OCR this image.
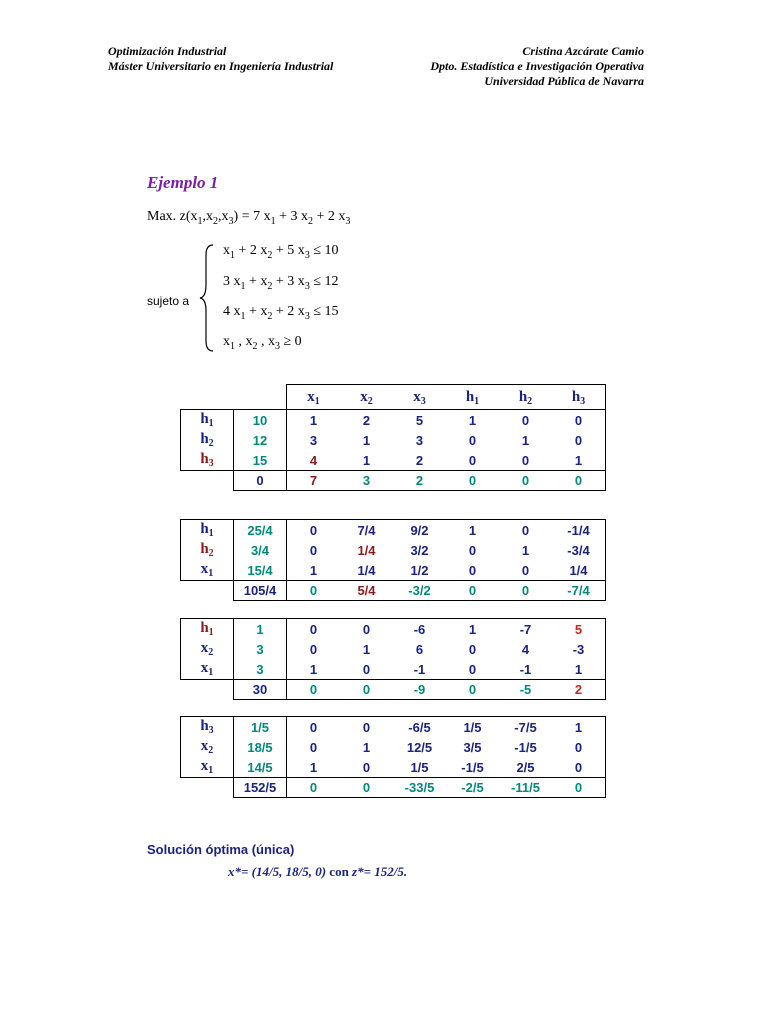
Optimización Industrial
Máster Universitario en Ingeniería Industrial
Cristina Azcárate Camio
Dpto. Estadística e Investigación Operativa
Universidad Pública de Navarra
Ejemplo 1
Max. $z(x_1,x_2,x_3) = 7$ $x_1 + 3$ $x_2 + 2$ $x_3$
sujeto a
$x_1 + 2$ $x_2 + 5$ $x_3 \le 10$
3 $x_1 + x_2 + 3$ $x_3 \le 12$
4 $x_1 + x_2 + 2$ $x_3 \le 15$
$x_1$ , $x_2$ , $x_3 \ge 0$
		$x_1$	$x_2$	$x_3$	$h_1$	$h_2$	$h_3$
$h_1$	10	1	2	5	1	0	0
$h_2$	12	3	1	3	0	1	0
$h_3$	15	4	1	2	0	0	1
	0	7	3	2	0	0	0
$h_1$	25/4	0	7/4	9/2	1	0	-1/4
$h_2$	3/4	0	1/4	3/2	0	1	-3/4
$x_1$	15/4	1	1/4	1/2	0	0	1/4
	105/4	0	5/4	-3/2	0	0	-7/4
$h_1$	1	0	0	-6	1	-7	5
$x_2$	3	0	1	6	0	4	-3
$x_1$	3	1	0	-1	0	-1	1
	30	0	0	-9	0	-5	2
$h_3$	1/5	0	0	-6/5	1/5	-7/5	1
$x_2$	18/5	0	1	12/5	3/5	-1/5	0
$x_1$	14/5	1	0	1/5	-1/5	2/5	0
	152/5	0	0	-33/5	-2/5	-11/5	0
Solución óptima (única)
x*= (14/5, 18/5, 0) con z*= 152/5.
